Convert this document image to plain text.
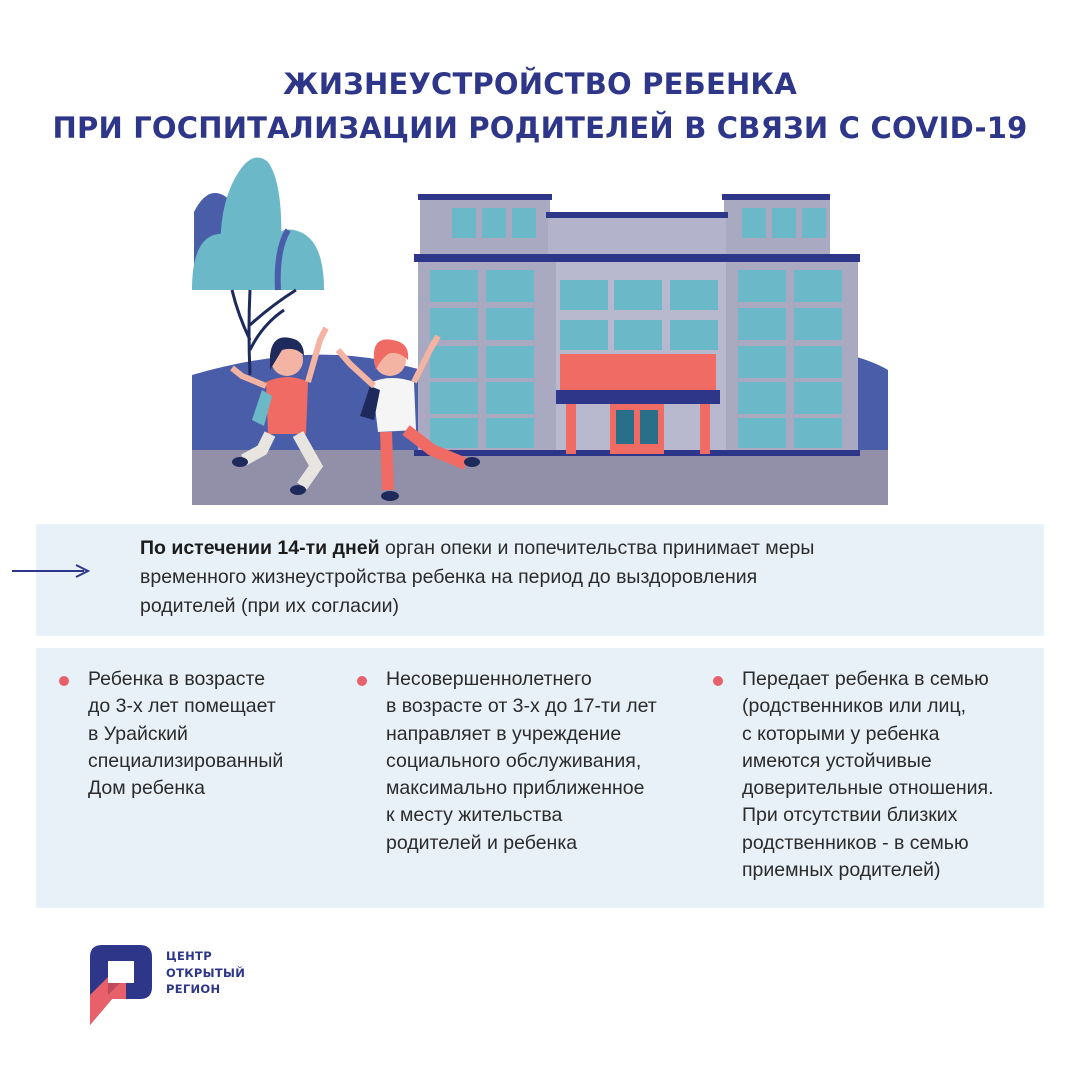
ЖИЗНЕУСТРОЙСТВО РЕБЕНКА
ПРИ ГОСПИТАЛИЗАЦИИ РОДИТЕЛЕЙ В СВЯЗИ С COVID-19
По истечении 14-ти дней орган опеки и попечительства принимает меры
временного жизнеустройства ребенка на период до выздоровления
родителей (при их согласии)
Ребенка в возрасте
до 3-х лет помещает
в Урайский
специализированный
Дом ребенка
Несовершеннолетнего
в возрасте от 3-х до 17-ти лет
направляет в учреждение
социального обслуживания,
максимально приближенное
к месту жительства
родителей и ребенка
Передает ребенка в семью
(родственников или лиц,
с которыми у ребенка
имеются устойчивые
доверительные отношения.
При отсутствии близких
родственников - в семью
приемных родителей)
ЦЕНТР
ОТКРЫТЫЙ
РЕГИОН
